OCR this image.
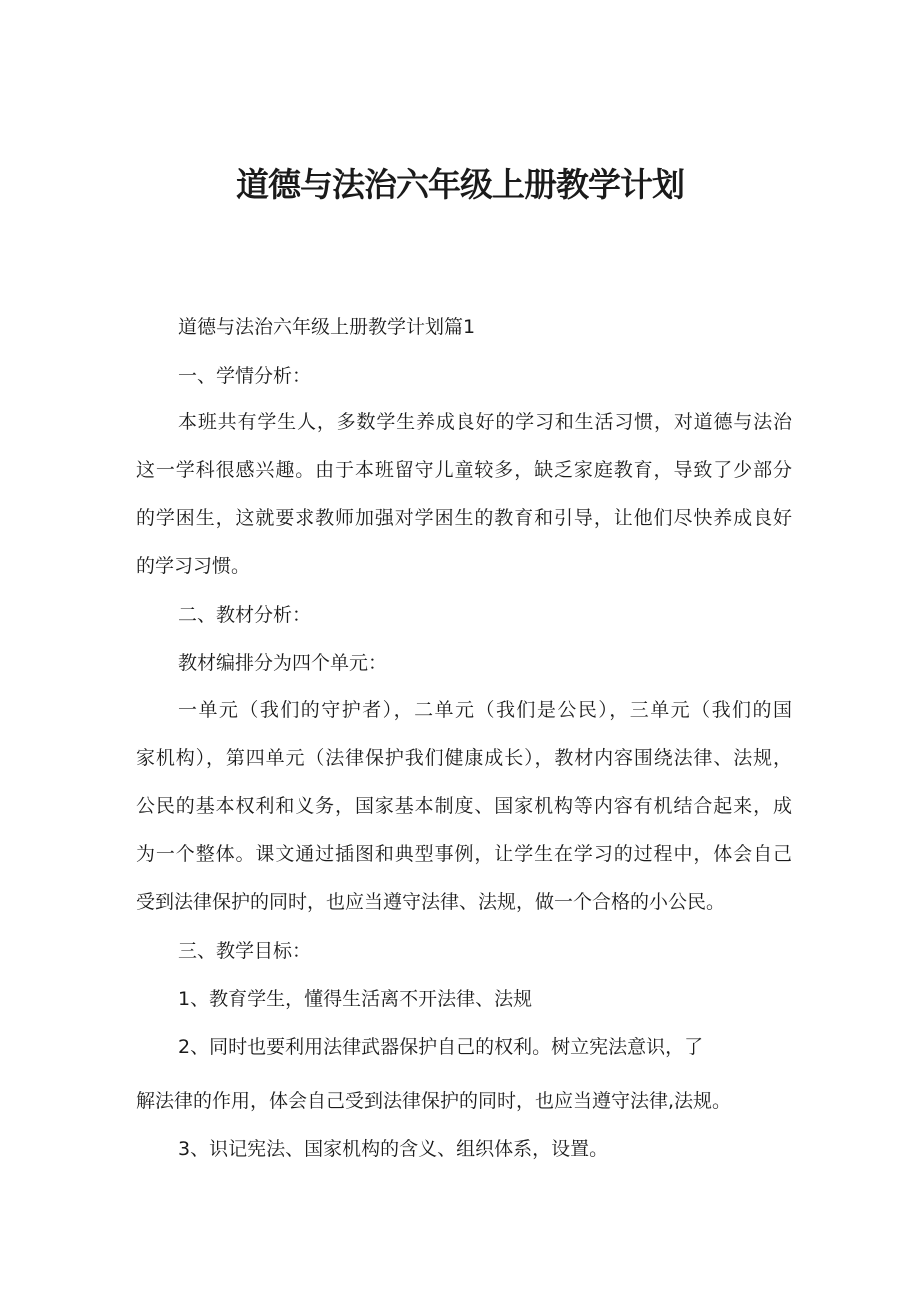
道德与法治六年级上册教学计划
道德与法治六年级上册教学计划篇1
一、学情分析：
本班共有学生人，多数学生养成良好的学习和生活习惯，对道德与法治
这一学科很感兴趣。由于本班留守儿童较多，缺乏家庭教育，导致了少部分
的学困生，这就要求教师加强对学困生的教育和引导，让他们尽快养成良好
的学习习惯。
二、教材分析：
教材编排分为四个单元：
一单元（我们的守护者），二单元（我们是公民），三单元（我们的国
家机构），第四单元（法律保护我们健康成长），教材内容围绕法律、法规，
公民的基本权利和义务，国家基本制度、国家机构等内容有机结合起来，成
为一个整体。课文通过插图和典型事例，让学生在学习的过程中，体会自己
受到法律保护的同时，也应当遵守法律、法规，做一个合格的小公民。
三、教学目标：
1、教育学生，懂得生活离不开法律、法规
2、同时也要利用法律武器保护自己的权利。树立宪法意识，了
解法律的作用，体会自己受到法律保护的同时，也应当遵守法律,法规。
3、识记宪法、国家机构的含义、组织体系，设置。
